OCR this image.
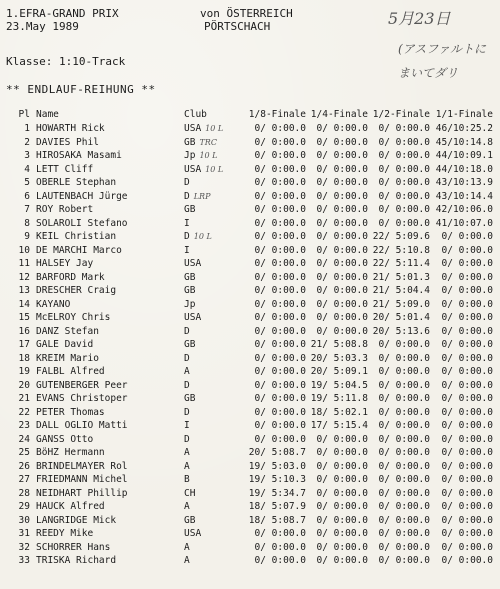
1.EFRA-GRAND PRIX
23.May 1989
von ÖSTERREICH
PÖRTSCHACH	5月23日
(アスファルトに
まいてダリ
Klasse: 1:10-Track
** ENDLAUF-REIHUNG **
Pl	Name	Club	1/8-Finale	1/4-Finale	1/2-Finale	1/1-Finale
1	HOWARTH Rick	USA 10 L	0/ 0:00.0	0/ 0:00.0	0/ 0:00.0	46/10:25.2
2	DAVIES Phil	GB TRC	0/ 0:00.0	0/ 0:00.0	0/ 0:00.0	45/10:14.8
3	HIROSAKA Masami	Jp 10 L	0/ 0:00.0	0/ 0:00.0	0/ 0:00.0	44/10:09.1
4	LETT Cliff	USA 10 L	0/ 0:00.0	0/ 0:00.0	0/ 0:00.0	44/10:18.0
5	OBERLE Stephan	D	0/ 0:00.0	0/ 0:00.0	0/ 0:00.0	43/10:13.9
6	LAUTENBACH Jürge	D LRP	0/ 0:00.0	0/ 0:00.0	0/ 0:00.0	43/10:14.4
7	ROY Robert	GB	0/ 0:00.0	0/ 0:00.0	0/ 0:00.0	42/10:06.0
8	SOLAROLI Stefano	I	0/ 0:00.0	0/ 0:00.0	0/ 0:00.0	41/10:07.0
9	KEIL Christian	D 10 L	0/ 0:00.0	0/ 0:00.0	22/ 5:09.6	0/ 0:00.0
10	DE MARCHI Marco	I	0/ 0:00.0	0/ 0:00.0	22/ 5:10.8	0/ 0:00.0
11	HALSEY Jay	USA	0/ 0:00.0	0/ 0:00.0	22/ 5:11.4	0/ 0:00.0
12	BARFORD Mark	GB	0/ 0:00.0	0/ 0:00.0	21/ 5:01.3	0/ 0:00.0
13	DRESCHER Craig	GB	0/ 0:00.0	0/ 0:00.0	21/ 5:04.4	0/ 0:00.0
14	KAYANO	Jp	0/ 0:00.0	0/ 0:00.0	21/ 5:09.0	0/ 0:00.0
15	McELROY Chris	USA	0/ 0:00.0	0/ 0:00.0	20/ 5:01.4	0/ 0:00.0
16	DANZ Stefan	D	0/ 0:00.0	0/ 0:00.0	20/ 5:13.6	0/ 0:00.0
17	GALE David	GB	0/ 0:00.0	21/ 5:08.8	0/ 0:00.0	0/ 0:00.0
18	KREIM Mario	D	0/ 0:00.0	20/ 5:03.3	0/ 0:00.0	0/ 0:00.0
19	FALBL Alfred	A	0/ 0:00.0	20/ 5:09.1	0/ 0:00.0	0/ 0:00.0
20	GUTENBERGER Peer	D	0/ 0:00.0	19/ 5:04.5	0/ 0:00.0	0/ 0:00.0
21	EVANS Christoper	GB	0/ 0:00.0	19/ 5:11.8	0/ 0:00.0	0/ 0:00.0
22	PETER Thomas	D	0/ 0:00.0	18/ 5:02.1	0/ 0:00.0	0/ 0:00.0
23	DALL OGLIO Matti	I	0/ 0:00.0	17/ 5:15.4	0/ 0:00.0	0/ 0:00.0
24	GANSS Otto	D	0/ 0:00.0	0/ 0:00.0	0/ 0:00.0	0/ 0:00.0
25	BöHZ Hermann	A	20/ 5:08.7	0/ 0:00.0	0/ 0:00.0	0/ 0:00.0
26	BRINDELMAYER Rol	A	19/ 5:03.0	0/ 0:00.0	0/ 0:00.0	0/ 0:00.0
27	FRIEDMANN Michel	B	19/ 5:10.3	0/ 0:00.0	0/ 0:00.0	0/ 0:00.0
28	NEIDHART Phillip	CH	19/ 5:34.7	0/ 0:00.0	0/ 0:00.0	0/ 0:00.0
29	HAUCK Alfred	A	18/ 5:07.9	0/ 0:00.0	0/ 0:00.0	0/ 0:00.0
30	LANGRIDGE Mick	GB	18/ 5:08.7	0/ 0:00.0	0/ 0:00.0	0/ 0:00.0
31	REEDY Mike	USA	0/ 0:00.0	0/ 0:00.0	0/ 0:00.0	0/ 0:00.0
32	SCHORRER Hans	A	0/ 0:00.0	0/ 0:00.0	0/ 0:00.0	0/ 0:00.0
33	TRISKA Richard	A	0/ 0:00.0	0/ 0:00.0	0/ 0:00.0	0/ 0:00.0
